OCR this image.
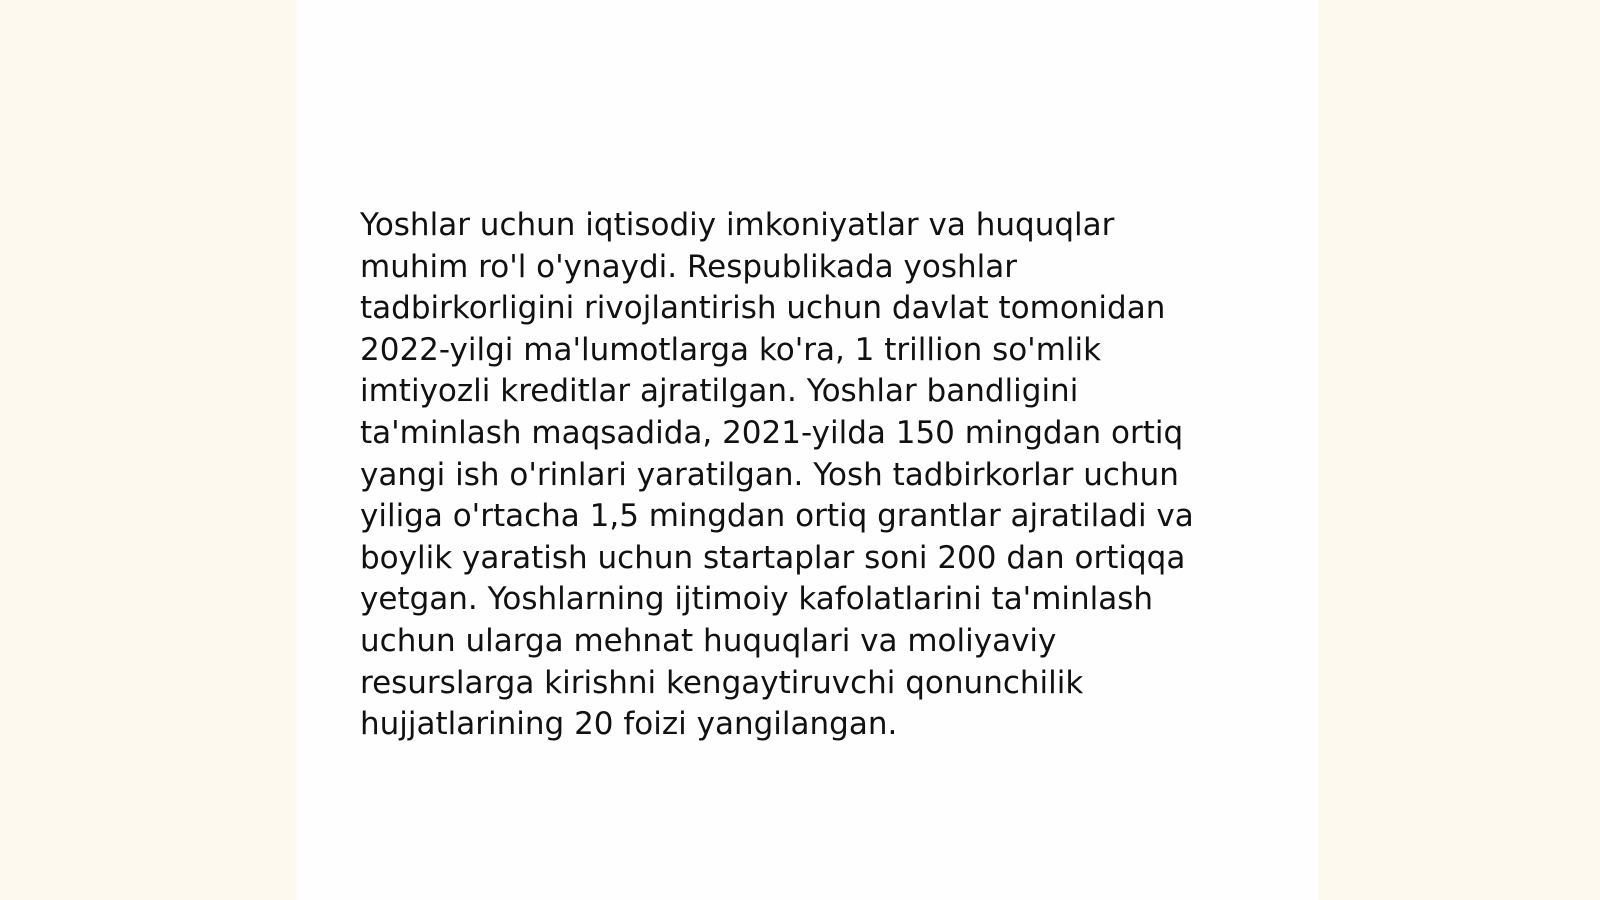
Yoshlar uchun iqtisodiy imkoniyatlar va huquqlar
muhim ro'l o'ynaydi. Respublikada yoshlar
tadbirkorligini rivojlantirish uchun davlat tomonidan
2022-yilgi ma'lumotlarga ko'ra, 1 trillion so'mlik
imtiyozli kreditlar ajratilgan. Yoshlar bandligini
ta'minlash maqsadida, 2021-yilda 150 mingdan ortiq
yangi ish o'rinlari yaratilgan. Yosh tadbirkorlar uchun
yiliga o'rtacha 1,5 mingdan ortiq grantlar ajratiladi va
boylik yaratish uchun startaplar soni 200 dan ortiqqa
yetgan. Yoshlarning ijtimoiy kafolatlarini ta'minlash
uchun ularga mehnat huquqlari va moliyaviy
resurslarga kirishni kengaytiruvchi qonunchilik
hujjatlarining 20 foizi yangilangan.
